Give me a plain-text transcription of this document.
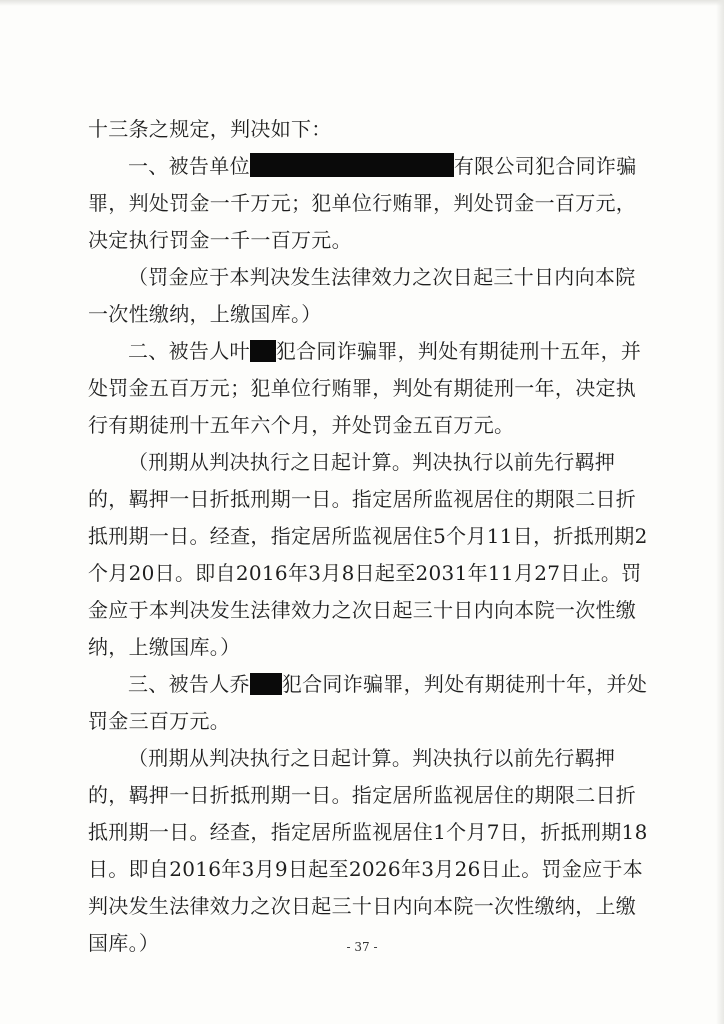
十三条之规定，判决如下：
一、被告单位	有限公司犯合同诈骗罪，判处罚金一千万元；犯单位行贿罪，判处罚金一百万元，决定执行罚金一千一百万元。
（罚金应于本判决发生法律效力之次日起三十日内向本院一次性缴纳，上缴国库。）
二、被告人叶 犯合同诈骗罪，判处有期徒刑十五年，并处罚金五百万元；犯单位行贿罪，判处有期徒刑一年，决定执行有期徒刑十五年六个月，并处罚金五百万元。
（刑期从判决执行之日起计算。判决执行以前先行羁押的，羁押一日折抵刑期一日。指定居所监视居住的期限二日折抵刑期一日。经查，指定居所监视居住5个月11日，折抵刑期2个月20日。即自2016年3月8日起至2031年11月27日止。罚金应于本判决发生法律效力之次日起三十日内向本院一次性缴纳，上缴国库。）
三、被告人乔 犯合同诈骗罪，判处有期徒刑十年，并处罚金三百万元。
（刑期从判决执行之日起计算。判决执行以前先行羁押的，羁押一日折抵刑期一日。指定居所监视居住的期限二日折抵刑期一日。经查，指定居所监视居住1个月7日，折抵刑期18日。即自2016年3月9日起至2026年3月26日止。罚金应于本判决发生法律效力之次日起三十日内向本院一次性缴纳，上缴国库。）	- 37 -
